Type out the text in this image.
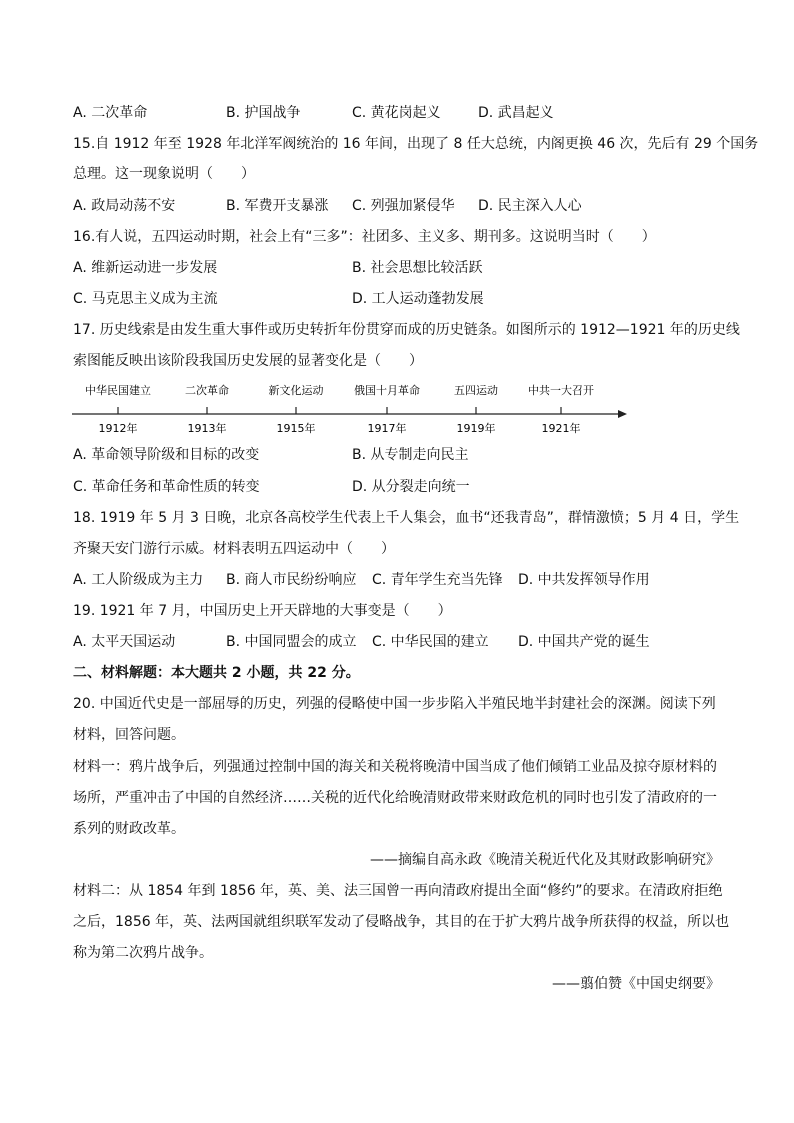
A. 二次革命	B. 护国战争	C. 黄花岗起义	D. 武昌起义
15.自 1912 年至 1928 年北洋军阀统治的 16 年间，出现了 8 任大总统，内阁更换 46 次，先后有 29 个国务
总理。这一现象说明（　　）
A. 政局动荡不安	B. 军费开支暴涨 C. 列强加紧侵华 D. 民主深入人心
16.有人说，五四运动时期，社会上有“三多”：社团多、主义多、期刊多。这说明当时（　　）
A. 维新运动进一步发展	B. 社会思想比较活跃
C. 马克思主义成为主流	D. 工人运动蓬勃发展
17. 历史线索是由发生重大事件或历史转折年份贯穿而成的历史链条。如图所示的 1912—1921 年的历史线
索图能反映出该阶段我国历史发展的显著变化是（　　）
中华民国建立	二次革命	新文化运动	俄国十月革命	五四运动	中共一大召开
1912年	1913年	1915年	1917年	1919年	1921年
A. 革命领导阶级和目标的改变	B. 从专制走向民主
C. 革命任务和革命性质的转变	D. 从分裂走向统一
18. 1919 年 5 月 3 日晚，北京各高校学生代表上千人集会，血书“还我青岛”，群情激愤；5 月 4 日，学生
齐聚天安门游行示威。材料表明五四运动中（　　）
A. 工人阶级成为主力 B. 商人市民纷纷响应 C. 青年学生充当先锋 D. 中共发挥领导作用
19. 1921 年 7 月，中国历史上开天辟地的大事变是（　　）
A. 太平天国运动	B. 中国同盟会的成立 C. 中华民国的建立 D. 中国共产党的诞生
二、材料解题：本大题共 2 小题，共 22 分。
20. 中国近代史是一部屈辱的历史，列强的侵略使中国一步步陷入半殖民地半封建社会的深渊。阅读下列
材料，回答问题。
材料一：鸦片战争后，列强通过控制中国的海关和关税将晚清中国当成了他们倾销工业品及掠夺原材料的
场所，严重冲击了中国的自然经济……关税的近代化给晚清财政带来财政危机的同时也引发了清政府的一
系列的财政改革。
——摘编自高永政《晚清关税近代化及其财政影响研究》
材料二：从 1854 年到 1856 年，英、美、法三国曾一再向清政府提出全面“修约”的要求。在清政府拒绝
之后，1856 年，英、法两国就组织联军发动了侵略战争，其目的在于扩大鸦片战争所获得的权益，所以也
称为第二次鸦片战争。
——翦伯赞《中国史纲要》
